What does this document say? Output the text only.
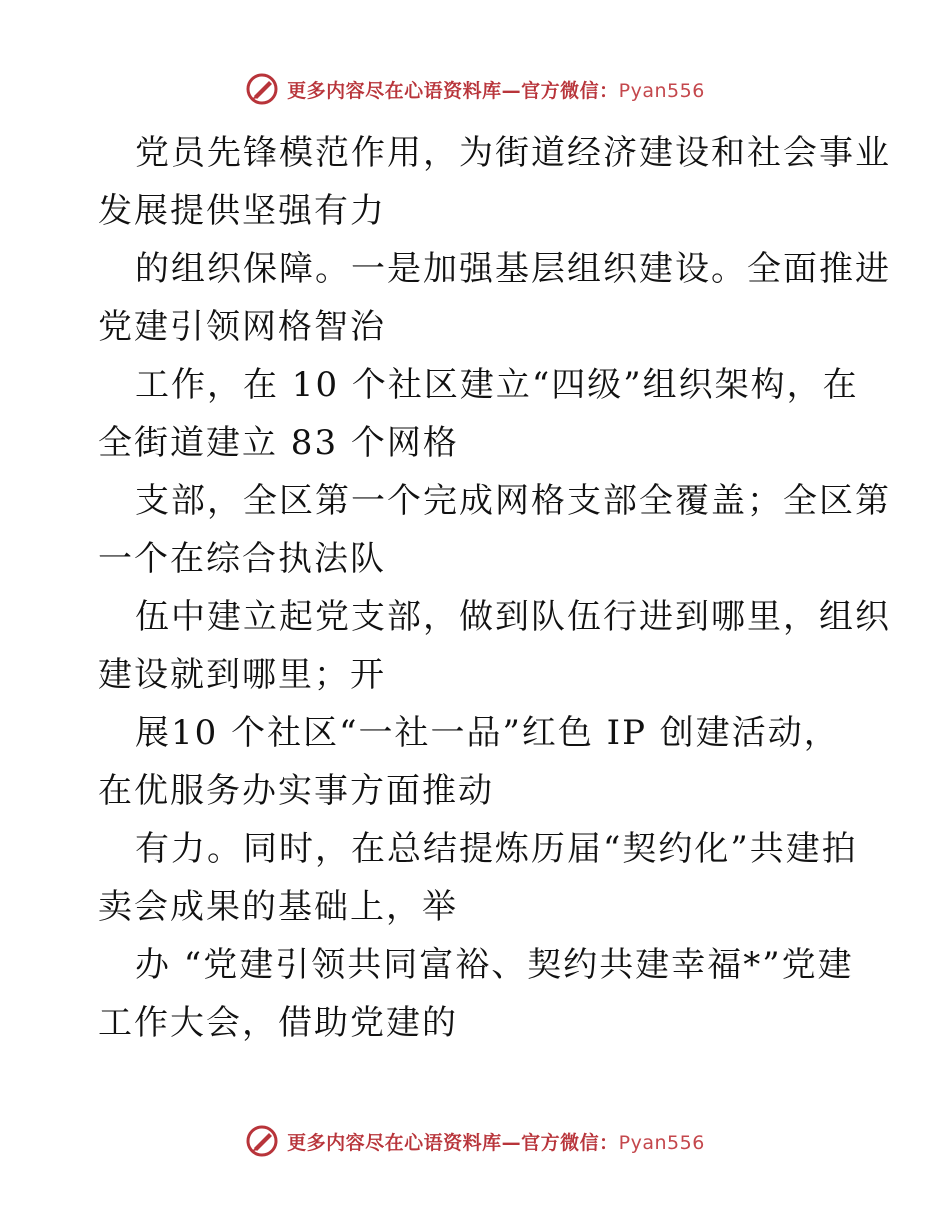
更多内容尽在心语资料库—官方微信：Pyan556
党员先锋模范作用，为街道经济建设和社会事业
发展提供坚强有力
的组织保障。一是加强基层组织建设。全面推进
党建引领网格智治
工作，在 10 个社区建立“四级”组织架构，在
全街道建立 83 个网格
支部，全区第一个完成网格支部全覆盖；全区第
一个在综合执法队
伍中建立起党支部，做到队伍行进到哪里，组织
建设就到哪里；开
展10 个社区“一社一品”红色 IP 创建活动，
在优服务办实事方面推动
有力。同时，在总结提炼历届“契约化”共建拍
卖会成果的基础上，举
办 “党建引领共同富裕、契约共建幸福*”党建
工作大会，借助党建的
更多内容尽在心语资料库—官方微信：Pyan556
